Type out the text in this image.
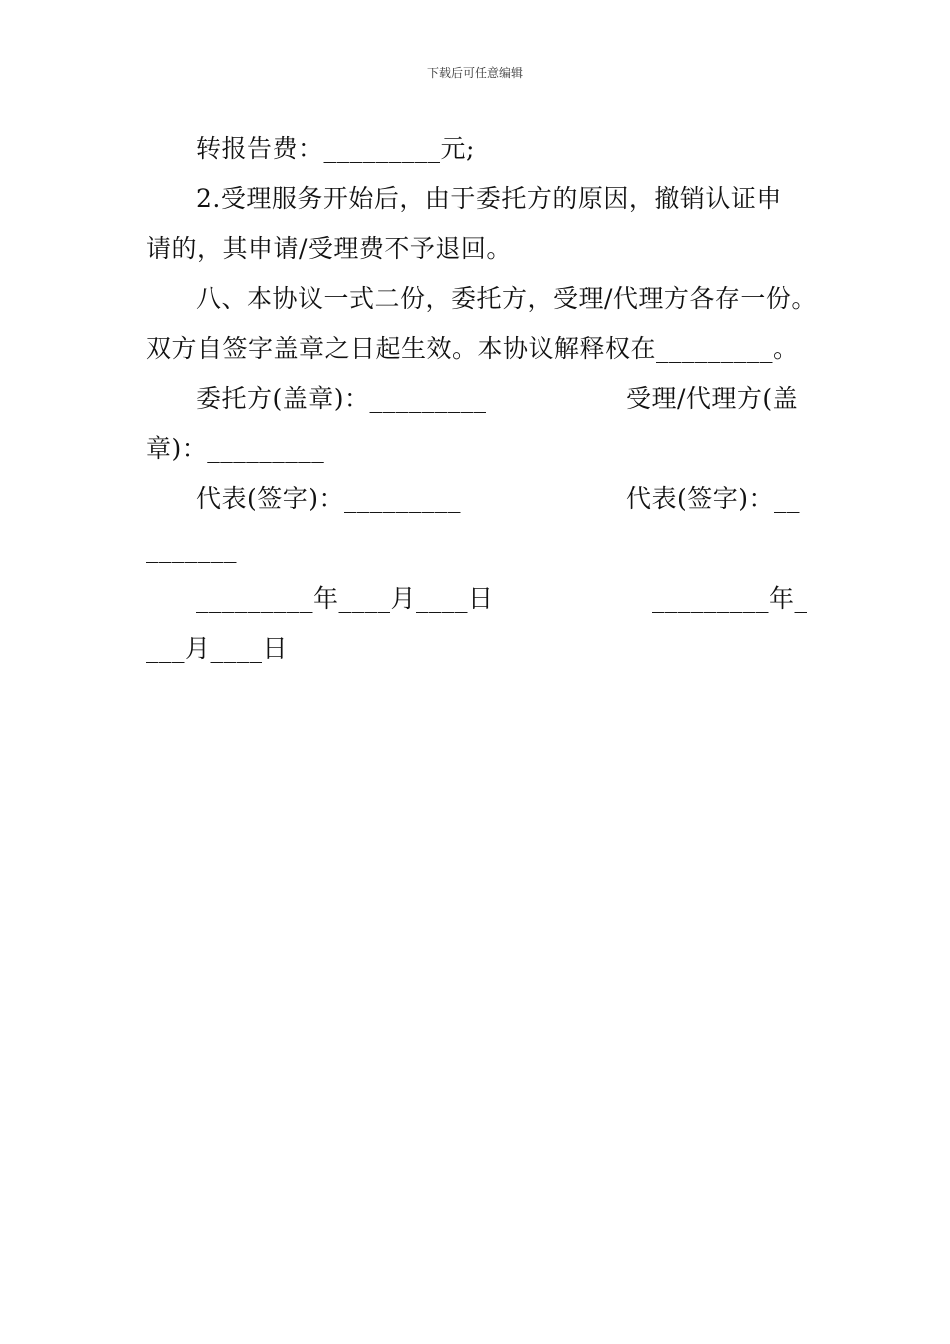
下载后可任意编辑
转报告费：_________元;
2.受理服务开始后，由于委托方的原因，撤销认证申
请的，其申请/受理费不予退回。
八、本协议一式二份，委托方，受理/代理方各存一份。
双方自签字盖章之日起生效。本协议解释权在_________。
委托方(盖章)：_________	受理/代理方(盖
章)：_________
代表(签字)：_________	代表(签字)：__
_______
_________年____月____日	_________年_
___月____日
